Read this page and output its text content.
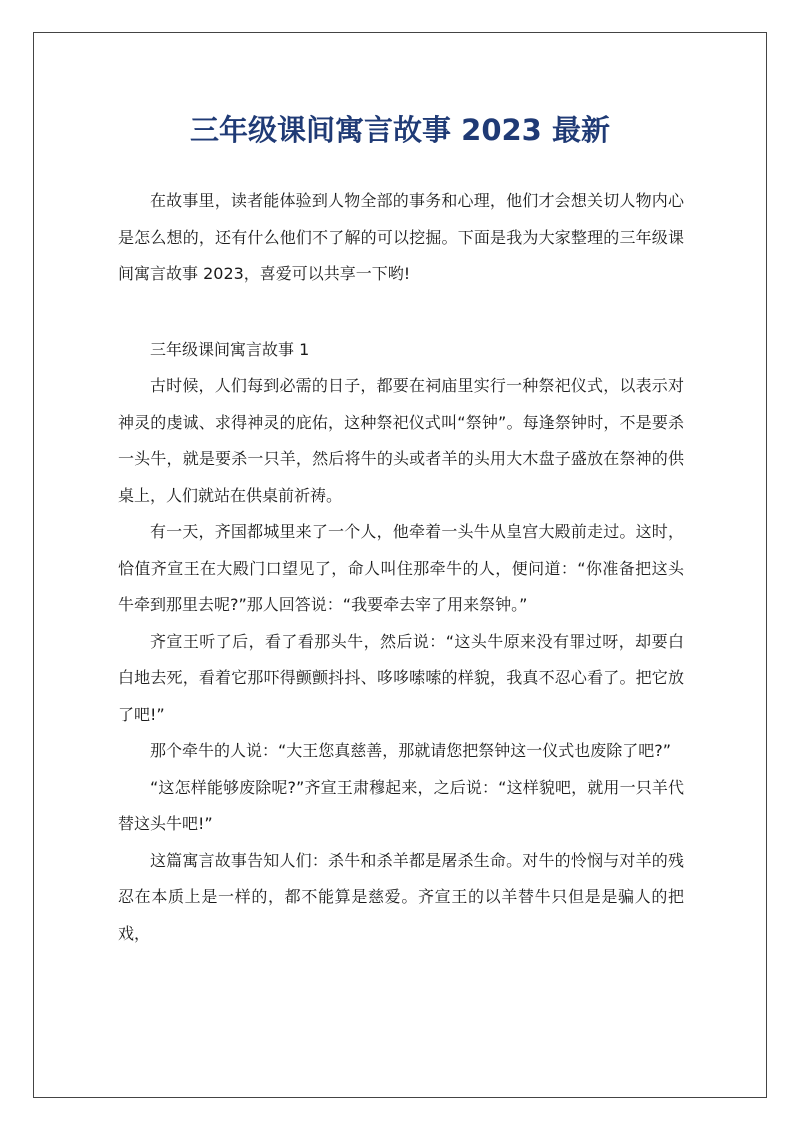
三年级课间寓言故事 2023 最新

在故事里，读者能体验到人物全部的事务和心理，他们才会想关切人物内心是怎么想的，还有什么他们不了解的可以挖掘。下面是我为大家整理的三年级课间寓言故事 2023，喜爱可以共享一下哟!

三年级课间寓言故事 1

古时候，人们每到必需的日子，都要在祠庙里实行一种祭祀仪式，以表示对神灵的虔诚、求得神灵的庇佑，这种祭祀仪式叫“祭钟”。每逢祭钟时，不是要杀一头牛，就是要杀一只羊，然后将牛的头或者羊的头用大木盘子盛放在祭神的供桌上，人们就站在供桌前祈祷。

有一天，齐国都城里来了一个人，他牵着一头牛从皇宫大殿前走过。这时，恰值齐宣王在大殿门口望见了，命人叫住那牵牛的人，便问道：“你准备把这头牛牵到那里去呢?”那人回答说：“我要牵去宰了用来祭钟。”

齐宣王听了后，看了看那头牛，然后说：“这头牛原来没有罪过呀，却要白白地去死，看着它那吓得颤颤抖抖、哆哆嗦嗦的样貌，我真不忍心看了。把它放了吧!”

那个牵牛的人说：“大王您真慈善，那就请您把祭钟这一仪式也废除了吧?”

“这怎样能够废除呢?”齐宣王肃穆起来，之后说：“这样貌吧，就用一只羊代替这头牛吧!”

这篇寓言故事告知人们：杀牛和杀羊都是屠杀生命。对牛的怜悯与对羊的残忍在本质上是一样的，都不能算是慈爱。齐宣王的以羊替牛只但是是骗人的把戏，
